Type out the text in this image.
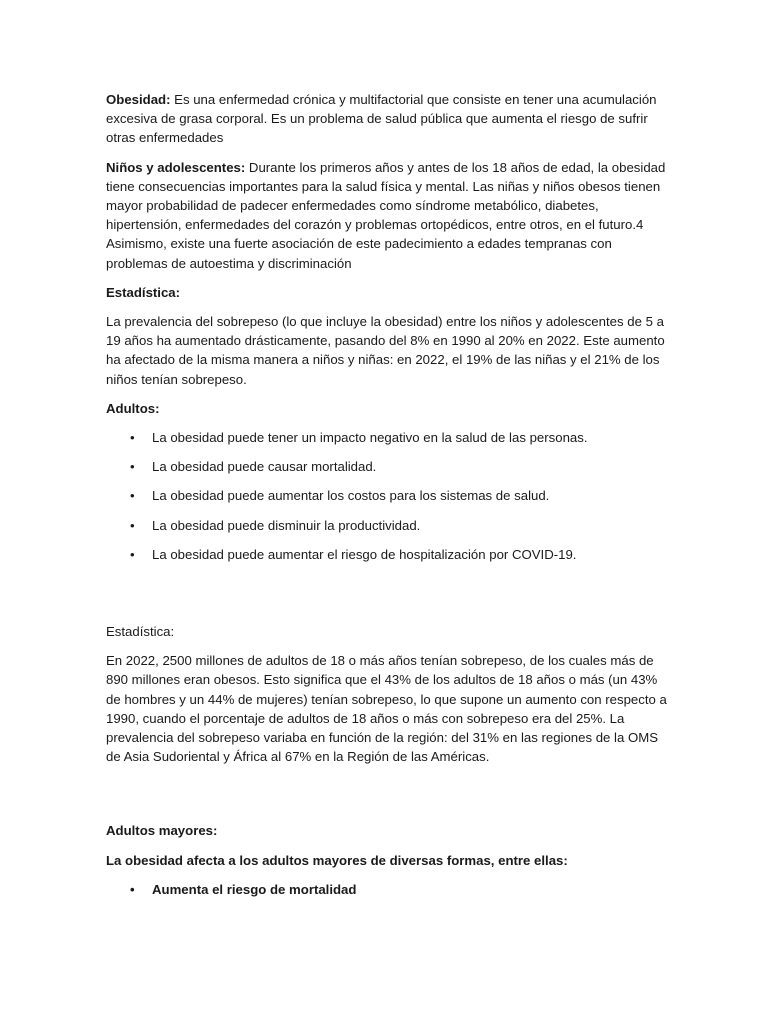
Obesidad: Es una enfermedad crónica y multifactorial que consiste en tener una acumulación excesiva de grasa corporal. Es un problema de salud pública que aumenta el riesgo de sufrir otras enfermedades

Niños y adolescentes: Durante los primeros años y antes de los 18 años de edad, la obesidad tiene consecuencias importantes para la salud física y mental. Las niñas y niños obesos tienen mayor probabilidad de padecer enfermedades como síndrome metabólico, diabetes, hipertensión, enfermedades del corazón y problemas ortopédicos, entre otros, en el futuro.4 Asimismo, existe una fuerte asociación de este padecimiento a edades tempranas con problemas de autoestima y discriminación

Estadística:

La prevalencia del sobrepeso (lo que incluye la obesidad) entre los niños y adolescentes de 5 a 19 años ha aumentado drásticamente, pasando del 8% en 1990 al 20% en 2022. Este aumento ha afectado de la misma manera a niños y niñas: en 2022, el 19% de las niñas y el 21% de los niños tenían sobrepeso.

Adultos:

• La obesidad puede tener un impacto negativo en la salud de las personas.
• La obesidad puede causar mortalidad.
• La obesidad puede aumentar los costos para los sistemas de salud.
• La obesidad puede disminuir la productividad.
• La obesidad puede aumentar el riesgo de hospitalización por COVID-19.

Estadística:

En 2022, 2500 millones de adultos de 18 o más años tenían sobrepeso, de los cuales más de 890 millones eran obesos. Esto significa que el 43% de los adultos de 18 años o más (un 43% de hombres y un 44% de mujeres) tenían sobrepeso, lo que supone un aumento con respecto a 1990, cuando el porcentaje de adultos de 18 años o más con sobrepeso era del 25%. La prevalencia del sobrepeso variaba en función de la región: del 31% en las regiones de la OMS de Asia Sudoriental y África al 67% en la Región de las Américas.

Adultos mayores:

La obesidad afecta a los adultos mayores de diversas formas, entre ellas:

• Aumenta el riesgo de mortalidad
